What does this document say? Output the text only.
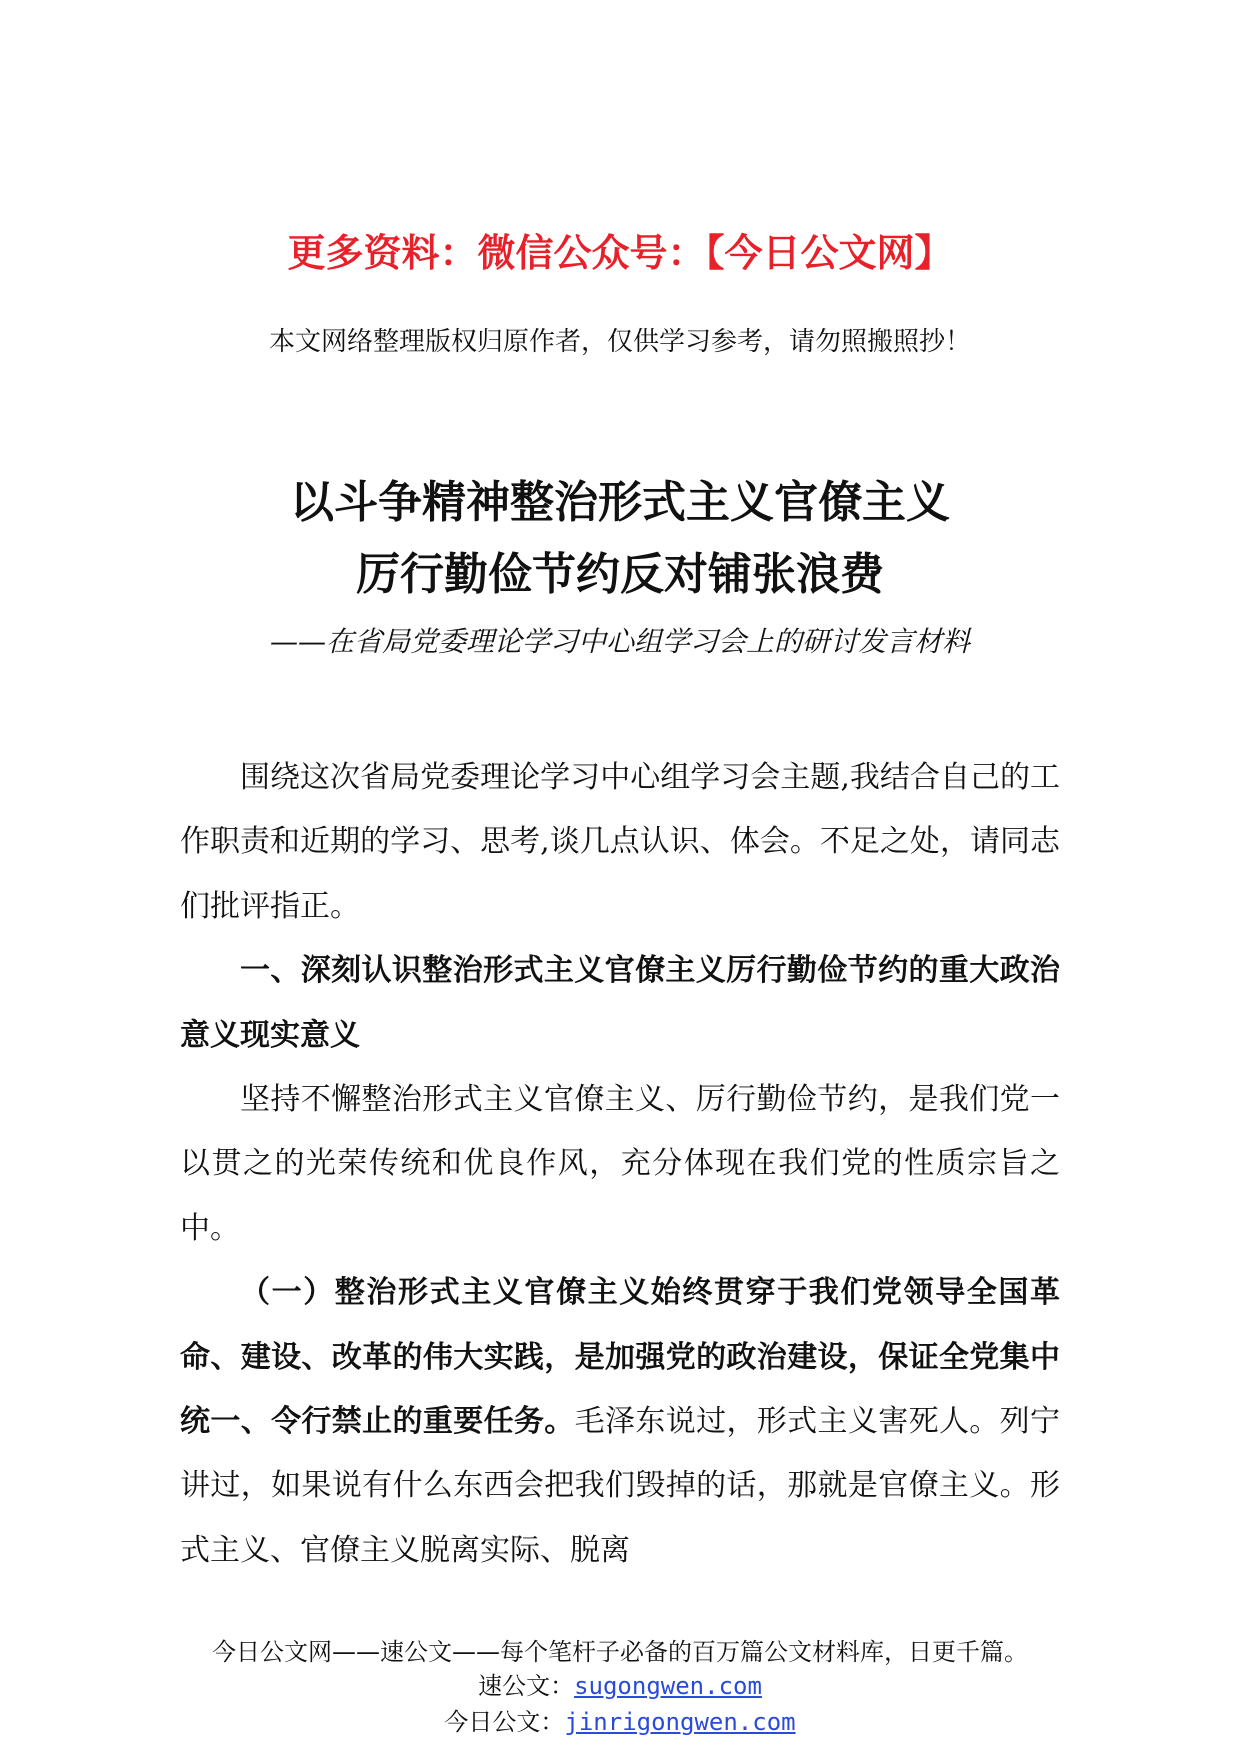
更多资料：微信公众号：【今日公文网】
本文网络整理版权归原作者，仅供学习参考，请勿照搬照抄！
以斗争精神整治形式主义官僚主义
厉行勤俭节约反对铺张浪费
——在省局党委理论学习中心组学习会上的研讨发言材料

围绕这次省局党委理论学习中心组学习会主题,我结合自己的工作职责和近期的学习、思考,谈几点认识、体会。不足之处，请同志们批评指正。

一、深刻认识整治形式主义官僚主义厉行勤俭节约的重大政治意义现实意义

坚持不懈整治形式主义官僚主义、厉行勤俭节约，是我们党一以贯之的光荣传统和优良作风，充分体现在我们党的性质宗旨之中。

（一）整治形式主义官僚主义始终贯穿于我们党领导全国革命、建设、改革的伟大实践，是加强党的政治建设，保证全党集中统一、令行禁止的重要任务。毛泽东说过，形式主义害死人。列宁讲过，如果说有什么东西会把我们毁掉的话，那就是官僚主义。形式主义、官僚主义脱离实际、脱离

今日公文网——速公文——每个笔杆子必备的百万篇公文材料库，日更千篇。
速公文：sugongwen.com
今日公文：jinrigongwen.com
